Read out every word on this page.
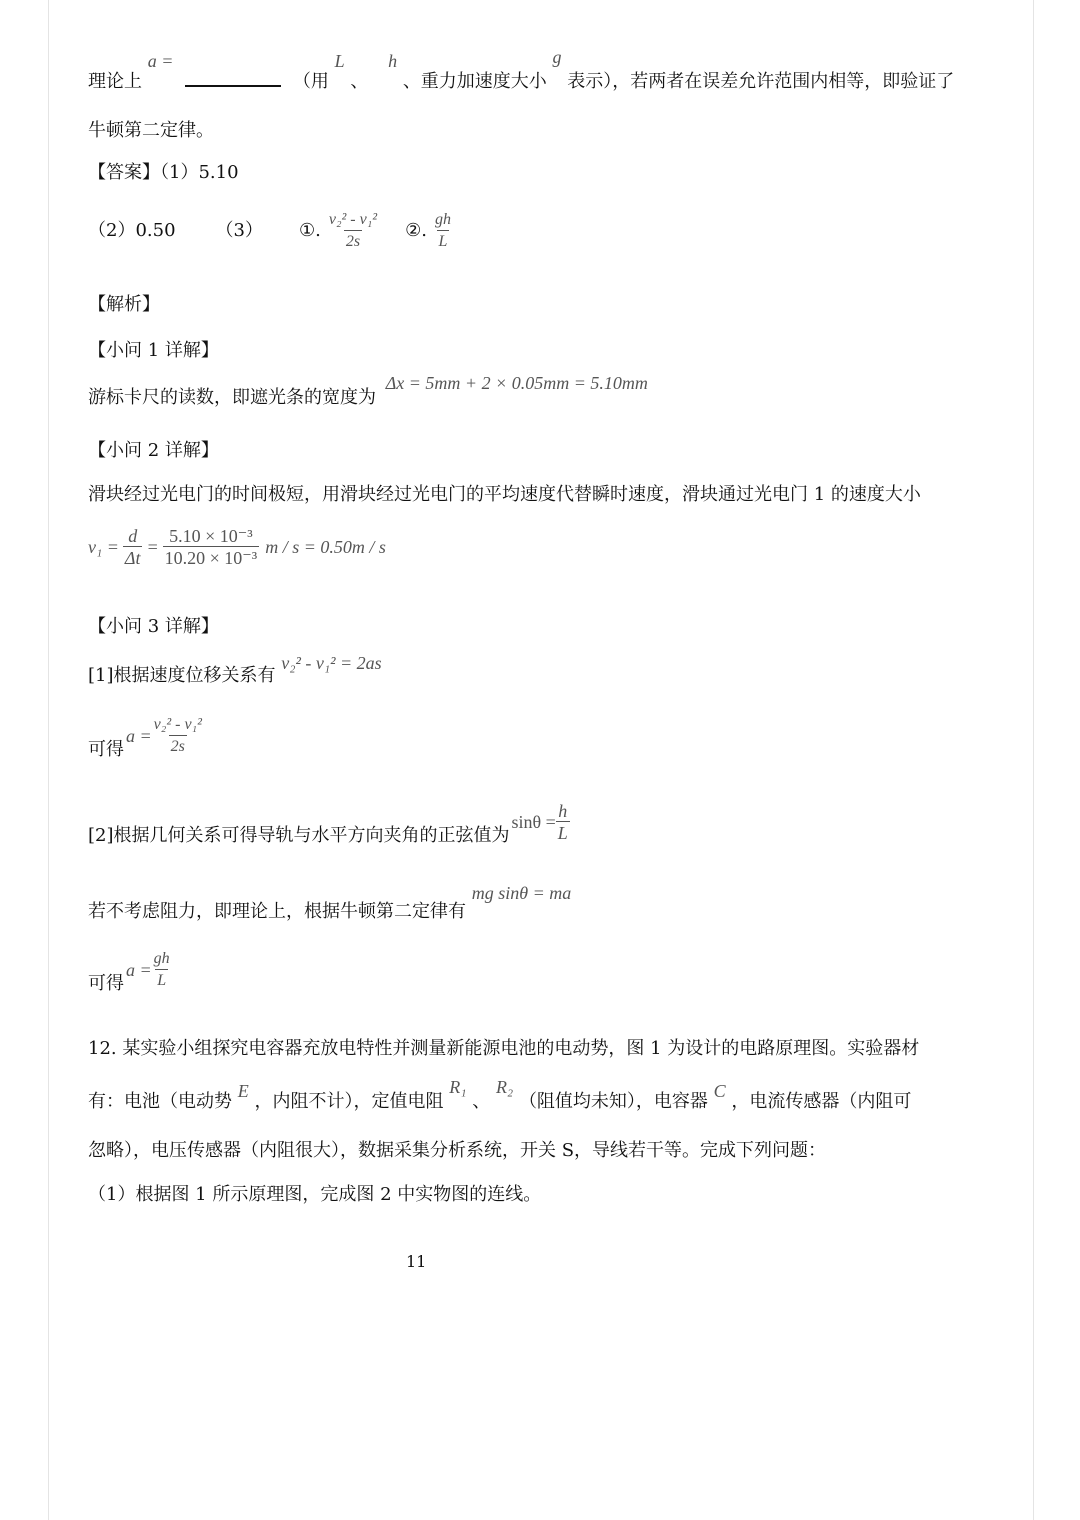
理论上 a =  （用 L 、 h 、重力加速度大小 g 表示），若两者在误差允许范围内相等，即验证了
牛顿第二定律。
【答案】（1）5.10
（2）0.50 （3） ①. $\frac{\text{v₂² - v₁²}}{2s}$ ②. $\frac{gh}{L}$
【解析】
【小问 1 详解】
游标卡尺的读数，即遮光条的宽度为 Δx = 5mm + 2 × 0.05mm = 5.10mm
【小问 2 详解】
滑块经过光电门的时间极短，用滑块经过光电门的平均速度代替瞬时速度，滑块通过光电门 1 的速度大小
$v_1 = \frac{d}{\Delta t} = \frac{\text{5.10 × 10⁻³}}{\text{10.20 × 10⁻³}}$ m / s = 0.50m / s
【小问 3 详解】
[1]根据速度位移关系有 v₂² - v₁² = 2as
可得
$a = \frac{\text{v₂² - v₁²}}{2s}$
[2]根据几何关系可得导轨与水平方向夹角的正弦值为
$\sin\theta = \frac{h}{L}$
若不考虑阻力，即理论上，根据牛顿第二定律有 mg sinθ = ma
可得
$a = \frac{gh}{L}$
12. 某实验小组探究电容器充放电特性并测量新能源电池的电动势，图 1 为设计的电路原理图。实验器材
有：电池（电动势 E ，内阻不计），定值电阻 R₁ 、 R₂ （阻值均未知），电容器 C ，电流传感器（内阻可
忽略），电压传感器（内阻很大），数据采集分析系统，开关 S，导线若干等。完成下列问题：
（1）根据图 1 所示原理图，完成图 2 中实物图的连线。
11
